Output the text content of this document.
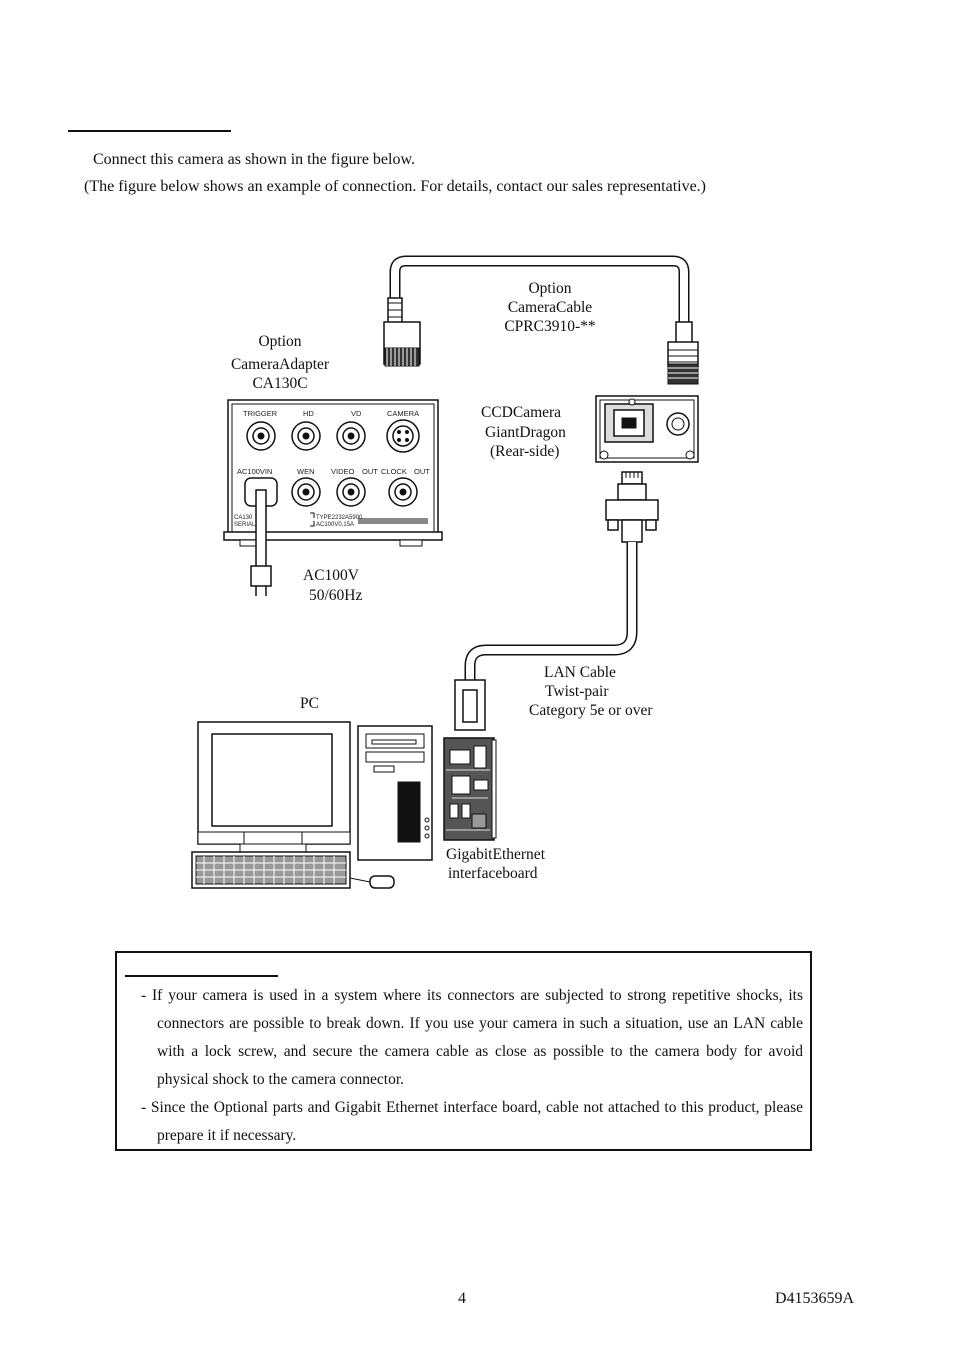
Connect this camera as shown in the figure below.
(The figure below shows an example of connection. For details, contact our sales representative.)
TRIGGER	HD	VD	CAMERA
AC100VIN	WEN VIDEO OUT CLOCK OUT
CA130
SERIAL
TYPE2232A5900
AC100V0.15A
Option
CameraCable
CPRC3910-**
Option
CameraAdapter
CA130C
CCDCamera
GiantDragon
(Rear-side)
AC100V
50/60Hz
LAN Cable
Twist-pair
Category 5e or over
PC
GigabitEthernet
interfaceboard
- If your camera is used in a system where its connectors are subjected to strong repetitive shocks, its connectors are possible to break down. If you use your camera in such a situation, use an LAN cable with a lock screw, and secure the camera cable as close as possible to the camera body for avoid physical shock to the camera connector.
- Since the Optional parts and Gigabit Ethernet interface board, cable not attached to this product, please prepare it if necessary.
4	D4153659A
